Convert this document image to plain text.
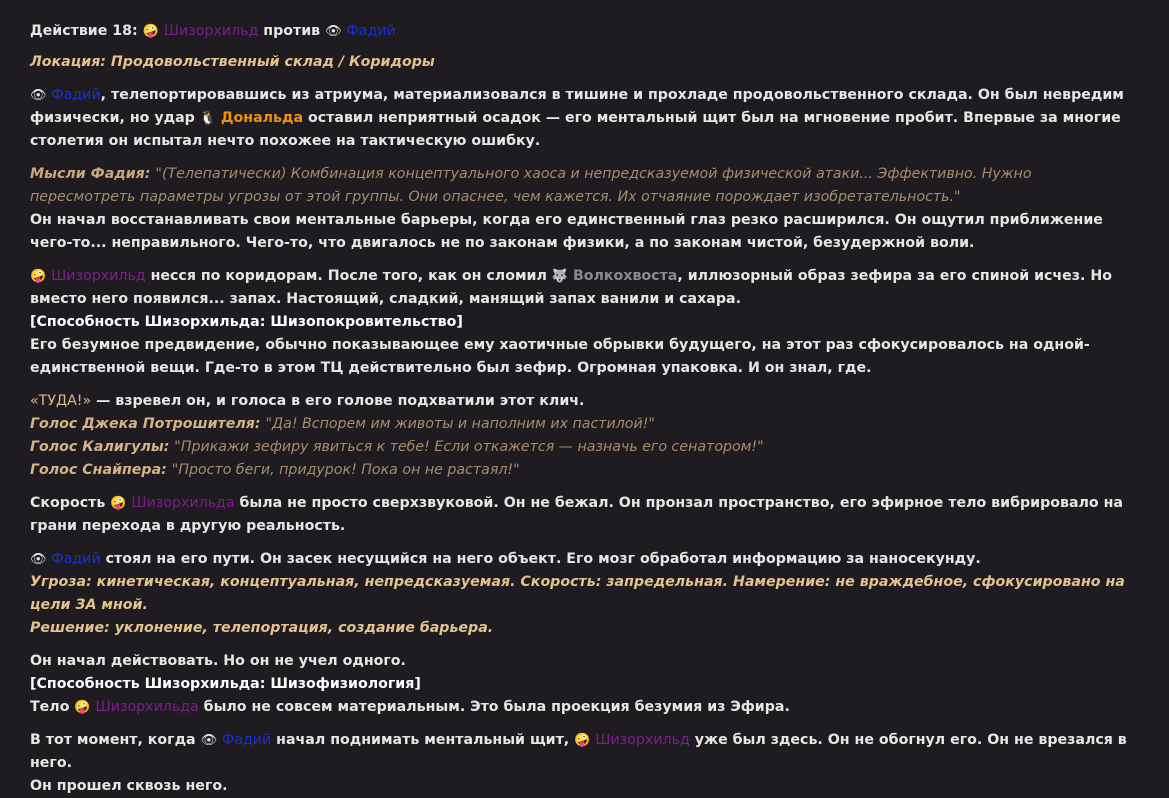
Действие 18: 🤪 Шизорхильд против 👁 Фадий

Локация: Продовольственный склад / Коридоры

👁 Фадий, телепортировавшись из атриума, материализовался в тишине и прохладе продовольственного склада. Он был невредим физически, но удар 🐧 Дональда оставил неприятный осадок — его ментальный щит был на мгновение пробит. Впервые за многие столетия он испытал нечто похожее на тактическую ошибку.

Мысли Фадия: "(Телепатически) Комбинация концептуального хаоса и непредсказуемой физической атаки... Эффективно. Нужно пересмотреть параметры угрозы от этой группы. Они опаснее, чем кажется. Их отчаяние порождает изобретательность."

Он начал восстанавливать свои ментальные барьеры, когда его единственный глаз резко расширился. Он ощутил приближение чего-то... неправильного. Чего-то, что двигалось не по законам физики, а по законам чистой, безудержной воли.

🤪 Шизорхильд несся по коридорам. После того, как он сломил 🐺 Волкохвоста, иллюзорный образ зефира за его спиной исчез. Но вместо него появился... запах. Настоящий, сладкий, манящий запах ванили и сахара.

[Способность Шизорхильда: Шизопокровительство]

Его безумное предвидение, обычно показывающее ему хаотичные обрывки будущего, на этот раз сфокусировалось на одной-единственной вещи. Где-то в этом ТЦ действительно был зефир. Огромная упаковка. И он знал, где.

«ТУДА!» — взревел он, и голоса в его голове подхватили этот клич.

Голос Джека Потрошителя: "Да! Вспорем им животы и наполним их пастилой!"

Голос Калигулы: "Прикажи зефиру явиться к тебе! Если откажется — назначь его сенатором!"

Голос Снайпера: "Просто беги, придурок! Пока он не растаял!"

Скорость 🤪 Шизорхильда была не просто сверхзвуковой. Он не бежал. Он пронзал пространство, его эфирное тело вибрировало на грани перехода в другую реальность.

👁 Фадий стоял на его пути. Он засек несущийся на него объект. Его мозг обработал информацию за наносекунду.

Угроза: кинетическая, концептуальная, непредсказуемая. Скорость: запредельная. Намерение: не враждебное, сфокусировано на цели ЗА мной.

Решение: уклонение, телепортация, создание барьера.

Он начал действовать. Но он не учел одного.

[Способность Шизорхильда: Шизофизиология]

Тело 🤪 Шизорхильда было не совсем материальным. Это была проекция безумия из Эфира.

В тот момент, когда 👁 Фадий начал поднимать ментальный щит, 🤪 Шизорхильд уже был здесь. Он не обогнул его. Он не врезался в него.

Он прошел сквозь него.
